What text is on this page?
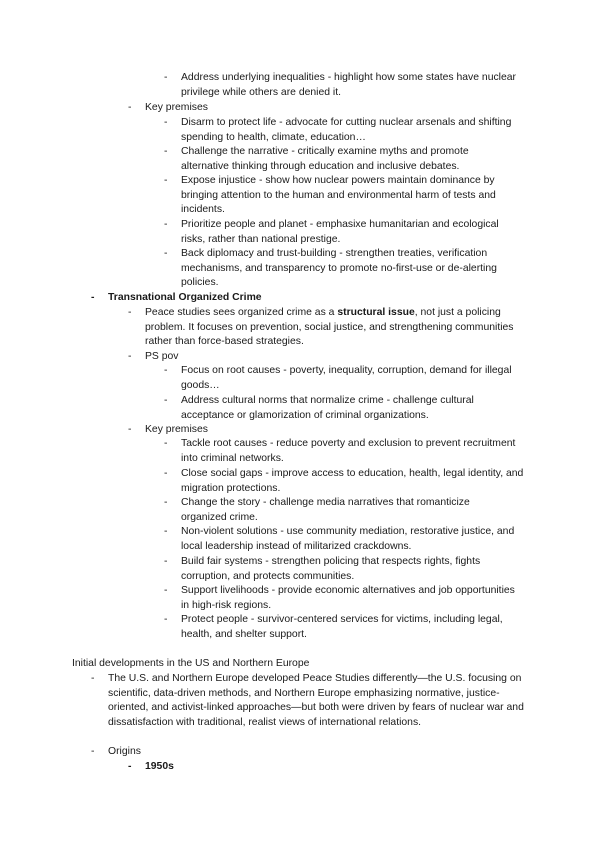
-	Address underlying inequalities - highlight how some states have nuclear privilege while others are denied it.
-	Key premises
-	Disarm to protect life - advocate for cutting nuclear arsenals and shifting spending to health, climate, education…
-	Challenge the narrative - critically examine myths and promote alternative thinking through education and inclusive debates.
-	Expose injustice - show how nuclear powers maintain dominance by bringing attention to the human and environmental harm of tests and incidents.
-	Prioritize people and planet - emphasixe humanitarian and ecological risks, rather than national prestige.
-	Back diplomacy and trust-building - strengthen treaties, verification mechanisms, and transparency to promote no-first-use or de-alerting policies.
-	Transnational Organized Crime
-	Peace studies sees organized crime as a structural issue, not just a policing problem. It focuses on prevention, social justice, and strengthening communities rather than force-based strategies.
-	PS pov
-	Focus on root causes - poverty, inequality, corruption, demand for illegal goods…
-	Address cultural norms that normalize crime - challenge cultural acceptance or glamorization of criminal organizations.
-	Key premises
-	Tackle root causes - reduce poverty and exclusion to prevent recruitment into criminal networks.
-	Close social gaps - improve access to education, health, legal identity, and migration protections.
-	Change the story - challenge media narratives that romanticize organized crime.
-	Non-violent solutions - use community mediation, restorative justice, and local leadership instead of militarized crackdowns.
-	Build fair systems - strengthen policing that respects rights, fights corruption, and protects communities.
-	Support livelihoods - provide economic alternatives and job opportunities in high-risk regions.
-	Protect people - survivor-centered services for victims, including legal, health, and shelter support.
Initial developments in the US and Northern Europe
-	The U.S. and Northern Europe developed Peace Studies differently—the U.S. focusing on scientific, data-driven methods, and Northern Europe emphasizing normative, justice-oriented, and activist-linked approaches—but both were driven by fears of nuclear war and dissatisfaction with traditional, realist views of international relations.
-	Origins
-	1950s
